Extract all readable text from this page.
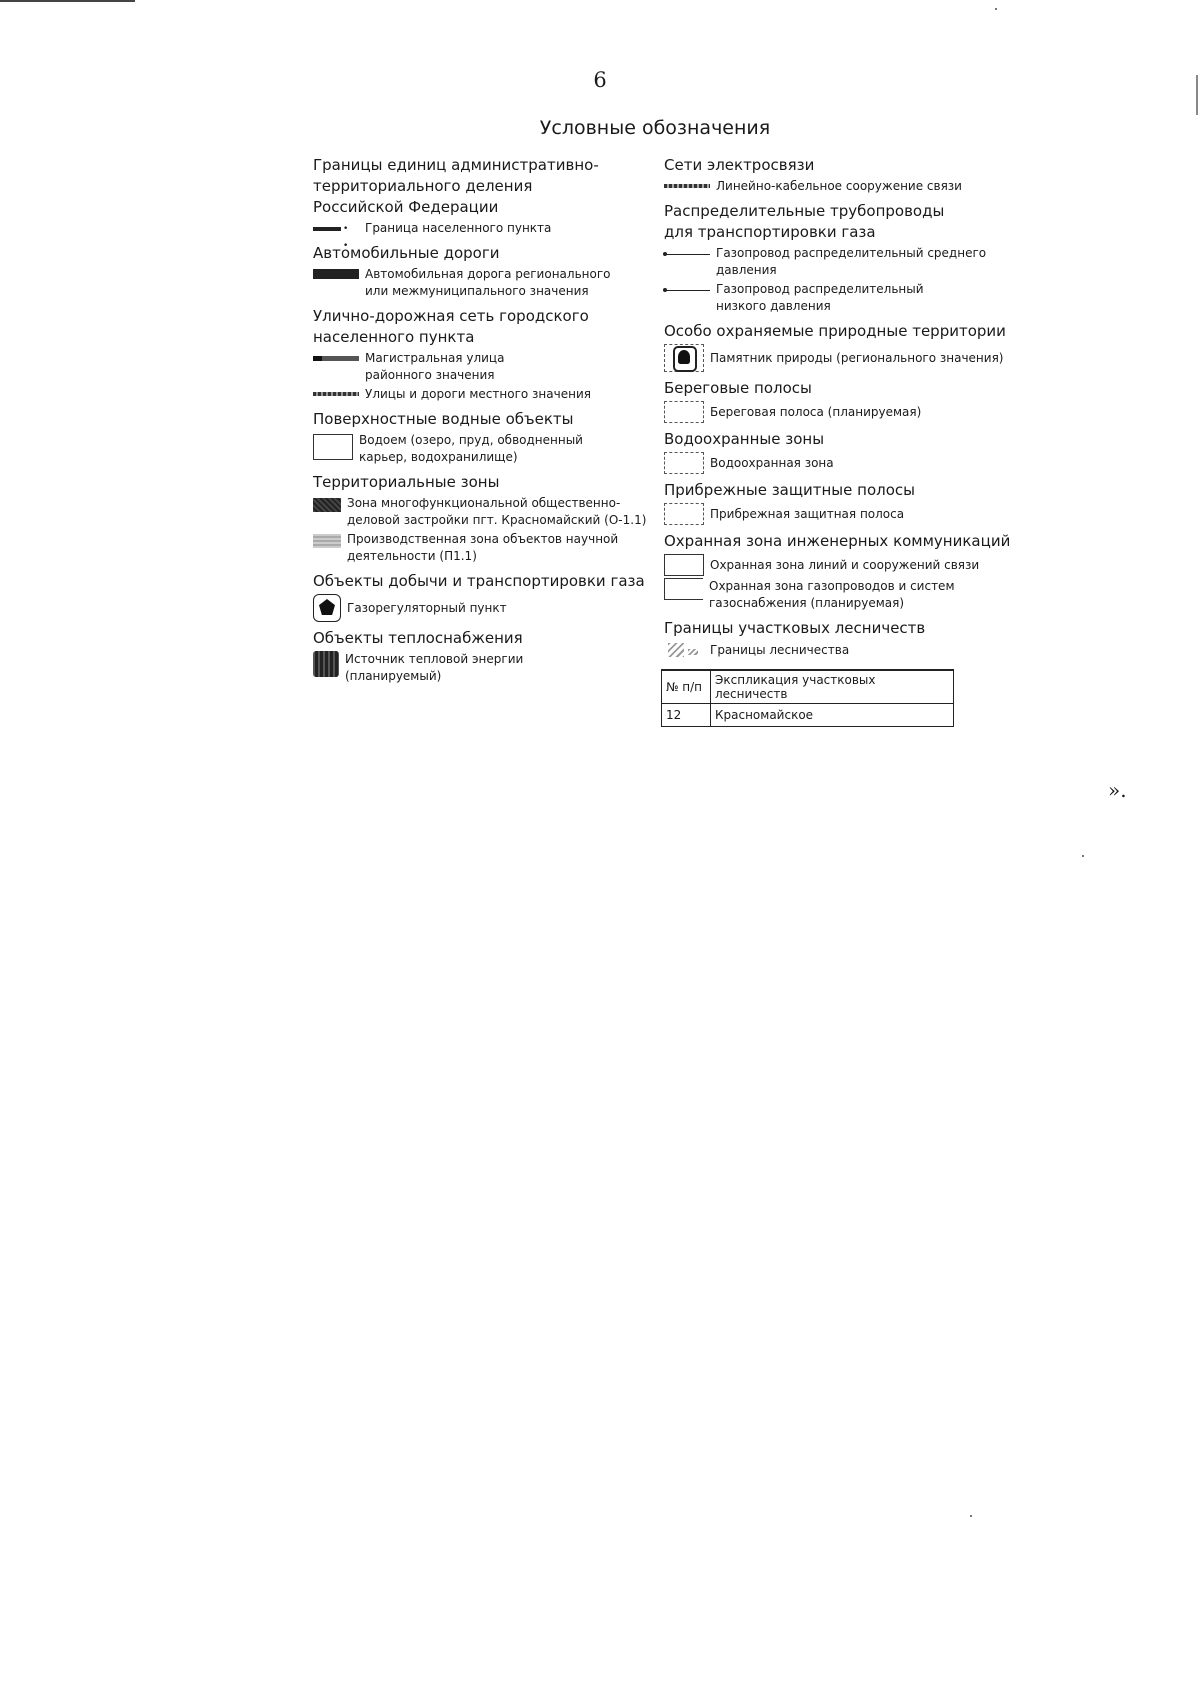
6
Условные обозначения
Границы единиц административно-
территориального деления
Российской Федерации
• •
Граница населенного пункта
Автомобильные дороги
Автомобильная дорога регионального
или межмуниципального значения
Улично-дорожная сеть городского
населенного пункта
Магистральная улица
районного значения
Улицы и дороги местного значения
Поверхностные водные объекты
Водоем (озеро, пруд, обводненный
карьер, водохранилище)
Территориальные зоны
Зона многофункциональной общественно-
деловой застройки пгт. Красномайский (О-1.1)
Производственная зона объектов научной
деятельности (П1.1)
Объекты добычи и транспортировки газа
Газорегуляторный пункт
Объекты теплоснабжения
Источник тепловой энергии
(планируемый)
Сети электросвязи
Линейно-кабельное сооружение связи
Распределительные трубопроводы
для транспортировки газа
Газопровод распределительный среднего
давления
Газопровод распределительный
низкого давления
Особо охраняемые природные территории
Памятник природы (регионального значения)
Береговые полосы
Береговая полоса (планируемая)
Водоохранные зоны
Водоохранная зона
Прибрежные защитные полосы
Прибрежная защитная полоса
Охранная зона инженерных коммуникаций
Охранная зона линий и сооружений связи
Охранная зона газопроводов и систем
газоснабжения (планируемая)
Границы участковых лесничеств
Границы лесничества
№ п/п	Экспликация участковых лесничеств
12	Красномайское
».
